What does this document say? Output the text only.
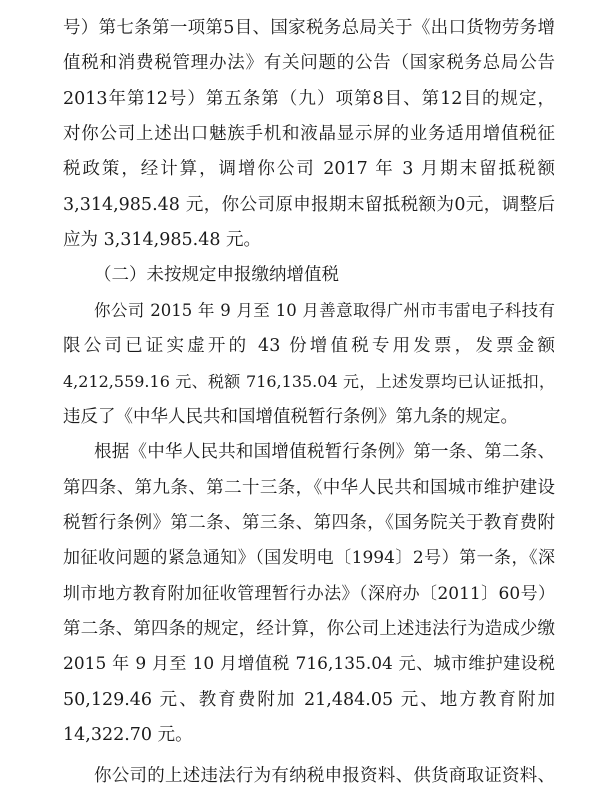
号）第七条第一项第5目、国家税务总局关于《出口货物劳务增
值税和消费税管理办法》有关问题的公告（国家税务总局公告
2013年第12号）第五条第（九）项第8目、第12目的规定，
对你公司上述出口魅族手机和液晶显示屏的业务适用增值税征
税政策，经计算，调增你公司 2017 年 3 月期末留抵税额
3,314,985.48 元，你公司原申报期末留抵税额为0元，调整后
应为 3,314,985.48 元。
（二）未按规定申报缴纳增值税
你公司 2015 年 9 月至 10 月善意取得广州市韦雷电子科技有
限公司已证实虚开的 43 份增值税专用发票，发票金额
4,212,559.16 元、税额 716,135.04 元，上述发票均已认证抵扣，
违反了《中华人民共和国增值税暂行条例》第九条的规定。
根据《中华人民共和国增值税暂行条例》第一条、第二条、
第四条、第九条、第二十三条，《中华人民共和国城市维护建设
税暂行条例》第二条、第三条、第四条，《国务院关于教育费附
加征收问题的紧急通知》（国发明电〔1994〕2号）第一条，《深
圳市地方教育附加征收管理暂行办法》（深府办〔2011〕60号）
第二条、第四条的规定，经计算，你公司上述违法行为造成少缴
2015 年 9 月至 10 月增值税 716,135.04 元、城市维护建设税
50,129.46 元、教育费附加 21,484.05 元、地方教育附加
14,322.70 元。
你公司的上述违法行为有纳税申报资料、供货商取证资料、
